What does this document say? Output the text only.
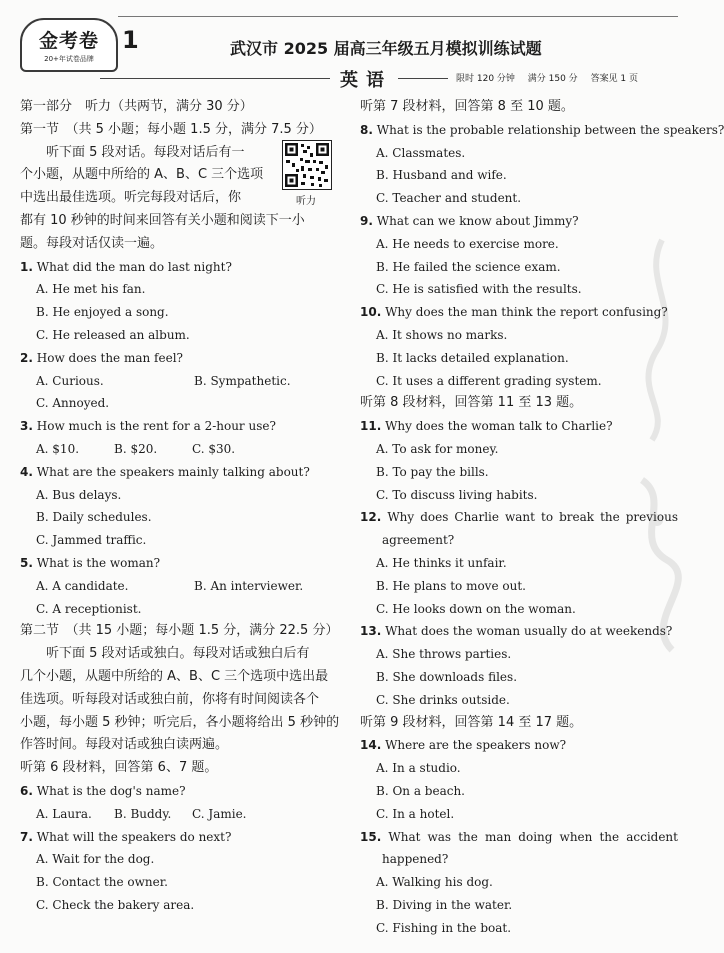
金考卷
20+年试卷品牌
1	武汉市 2025 届高三年级五月模拟训练试题
英语	限时 120 分钟 满分 150 分 答案见 1 页
听力
第一部分　听力（共两节，满分 30 分）
第一节　（共 5 小题；每小题 1.5 分，满分 7.5 分）
听下面 5 段对话。每段对话后有一
个小题，从题中所给的 A、B、C 三个选项
中选出最佳选项。听完每段对话后，你
都有 10 秒钟的时间来回答有关小题和阅读下一小
题。每段对话仅读一遍。
1. What did the man do last night?
A. He met his fan.
B. He enjoyed a song.
C. He released an album.
2. How does the man feel?
A. Curious.	B. Sympathetic.
C. Annoyed.
3. How much is the rent for a 2-hour use?
A. $10.	B. $20.	C. $30.
4. What are the speakers mainly talking about?
A. Bus delays.
B. Daily schedules.
C. Jammed traffic.
5. What is the woman?
A. A candidate.	B. An interviewer.
C. A receptionist.
第二节　（共 15 小题；每小题 1.5 分，满分 22.5 分）
听下面 5 段对话或独白。每段对话或独白后有
几个小题，从题中所给的 A、B、C 三个选项中选出最
佳选项。听每段对话或独白前，你将有时间阅读各个
小题，每小题 5 秒钟；听完后，各小题将给出 5 秒钟的
作答时间。每段对话或独白读两遍。
听第 6 段材料，回答第 6、7 题。
6. What is the dog's name?
A. Laura. B. Buddy. C. Jamie.
7. What will the speakers do next?
A. Wait for the dog.
B. Contact the owner.
C. Check the bakery area.
听第 7 段材料，回答第 8 至 10 题。
8. What is the probable relationship between the speakers?
A. Classmates.
B. Husband and wife.
C. Teacher and student.
9. What can we know about Jimmy?
A. He needs to exercise more.
B. He failed the science exam.
C. He is satisfied with the results.
10. Why does the man think the report confusing?
A. It shows no marks.
B. It lacks detailed explanation.
C. It uses a different grading system.
听第 8 段材料，回答第 11 至 13 题。
11. Why does the woman talk to Charlie?
A. To ask for money.
B. To pay the bills.
C. To discuss living habits.
12. Why does Charlie want to break the previous
agreement?
A. He thinks it unfair.
B. He plans to move out.
C. He looks down on the woman.
13. What does the woman usually do at weekends?
A. She throws parties.
B. She downloads files.
C. She drinks outside.
听第 9 段材料，回答第 14 至 17 题。
14. Where are the speakers now?
A. In a studio.
B. On a beach.
C. In a hotel.
15. What was the man doing when the accident
happened?
A. Walking his dog.
B. Diving in the water.
C. Fishing in the boat.
